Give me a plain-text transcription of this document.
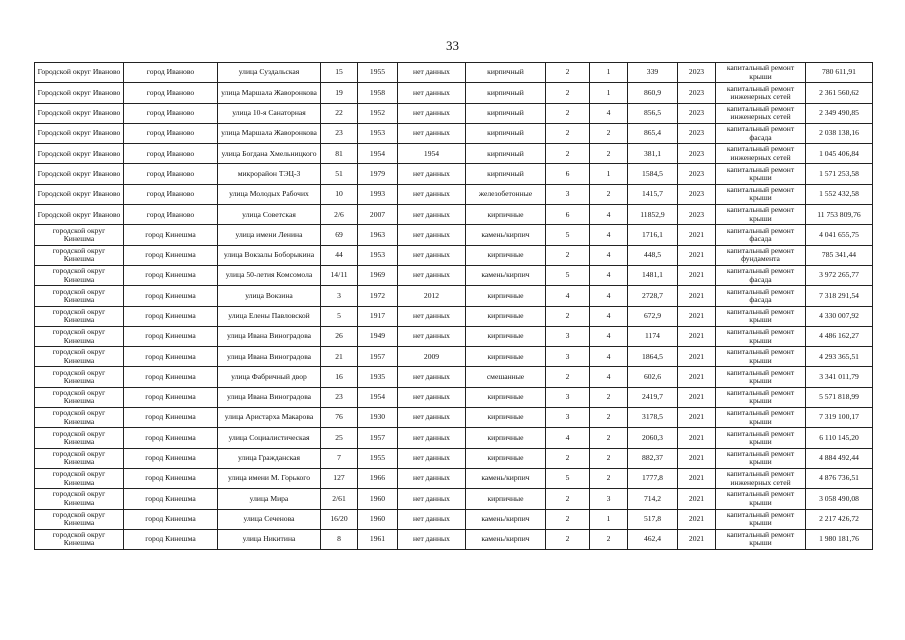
33
Городской округ Иваново	город Иваново	улица Суздальская	15	1955	нет данных	кирпичный	2	1	339	2023	капитальный ремонт крыши	780 611,91
Городской округ Иваново	город Иваново	улица Маршала Жаворонкова	19	1958	нет данных	кирпичный	2	1	860,9	2023	капитальный ремонт инженерных сетей	2 361 560,62
Городской округ Иваново	город Иваново	улица 10-я Санаторная	22	1952	нет данных	кирпичный	2	4	856,5	2023	капитальный ремонт инженерных сетей	2 349 490,85
Городской округ Иваново	город Иваново	улица Маршала Жаворонкова	23	1953	нет данных	кирпичный	2	2	865,4	2023	капитальный ремонт фасада	2 038 138,16
Городской округ Иваново	город Иваново	улица Богдана Хмельницкого	81	1954	1954	кирпичный	2	2	381,1	2023	капитальный ремонт инженерных сетей	1 045 406,84
Городской округ Иваново	город Иваново	микрорайон ТЭЦ-3	51	1979	нет данных	кирпичный	6	1	1584,5	2023	капитальный ремонт крыши	1 571 253,58
Городской округ Иваново	город Иваново	улица Молодых Рабочих	10	1993	нет данных	железобетонные	3	2	1415,7	2023	капитальный ремонт крыши	1 552 432,58
Городской округ Иваново	город Иваново	улица Советская	2/6	2007	нет данных	кирпичные	6	4	11852,9	2023	капитальный ремонт крыши	11 753 809,76
городской округ Кинешма	город Кинешма	улица имени Ленина	69	1963	нет данных	камень/кирпич	5	4	1716,1	2021	капитальный ремонт фасада	4 041 655,75
городской округ Кинешма	город Кинешма	улица Вокзалы Боборыкина	44	1953	нет данных	кирпичные	2	4	448,5	2021	капитальный ремонт фундамента	785 341,44
городской округ Кинешма	город Кинешма	улица 50-летия Комсомола	14/11	1969	нет данных	камень/кирпич	5	4	1481,1	2021	капитальный ремонт фасада	3 972 265,77
городской округ Кинешма	город Кинешма	улица Вокзина	3	1972	2012	кирпичные	4	4	2728,7	2021	капитальный ремонт фасада	7 318 291,54
городской округ Кинешма	город Кинешма	улица Елены Павловской	5	1917	нет данных	кирпичные	2	4	672,9	2021	капитальный ремонт крыши	4 330 007,92
городской округ Кинешма	город Кинешма	улица Ивана Виноградова	26	1949	нет данных	кирпичные	3	4	1174	2021	капитальный ремонт крыши	4 486 162,27
городской округ Кинешма	город Кинешма	улица Ивана Виноградова	21	1957	2009	кирпичные	3	4	1864,5	2021	капитальный ремонт крыши	4 293 365,51
городской округ Кинешма	город Кинешма	улица Фабричный двор	16	1935	нет данных	смешанные	2	4	602,6	2021	капитальный ремонт крыши	3 341 011,79
городской округ Кинешма	город Кинешма	улица Ивана Виноградова	23	1954	нет данных	кирпичные	3	2	2419,7	2021	капитальный ремонт крыши	5 571 818,99
городской округ Кинешма	город Кинешма	улица Аристарха Макарова	76	1930	нет данных	кирпичные	3	2	3178,5	2021	капитальный ремонт крыши	7 319 100,17
городской округ Кинешма	город Кинешма	улица Социалистическая	25	1957	нет данных	кирпичные	4	2	2060,3	2021	капитальный ремонт крыши	6 110 145,20
городской округ Кинешма	город Кинешма	улица Гражданская	7	1955	нет данных	кирпичные	2	2	882,37	2021	капитальный ремонт крыши	4 884 492,44
городской округ Кинешма	город Кинешма	улица имени М. Горького	127	1966	нет данных	камень/кирпич	5	2	1777,8	2021	капитальный ремонт инженерных сетей	4 876 736,51
городской округ Кинешма	город Кинешма	улица Мира	2/61	1960	нет данных	кирпичные	2	3	714,2	2021	капитальный ремонт крыши	3 058 490,08
городской округ Кинешма	город Кинешма	улица Сеченова	16/20	1960	нет данных	камень/кирпич	2	1	517,8	2021	капитальный ремонт крыши	2 217 426,72
городской округ Кинешма	город Кинешма	улица Никитина	8	1961	нет данных	камень/кирпич	2	2	462,4	2021	капитальный ремонт крыши	1 980 181,76
